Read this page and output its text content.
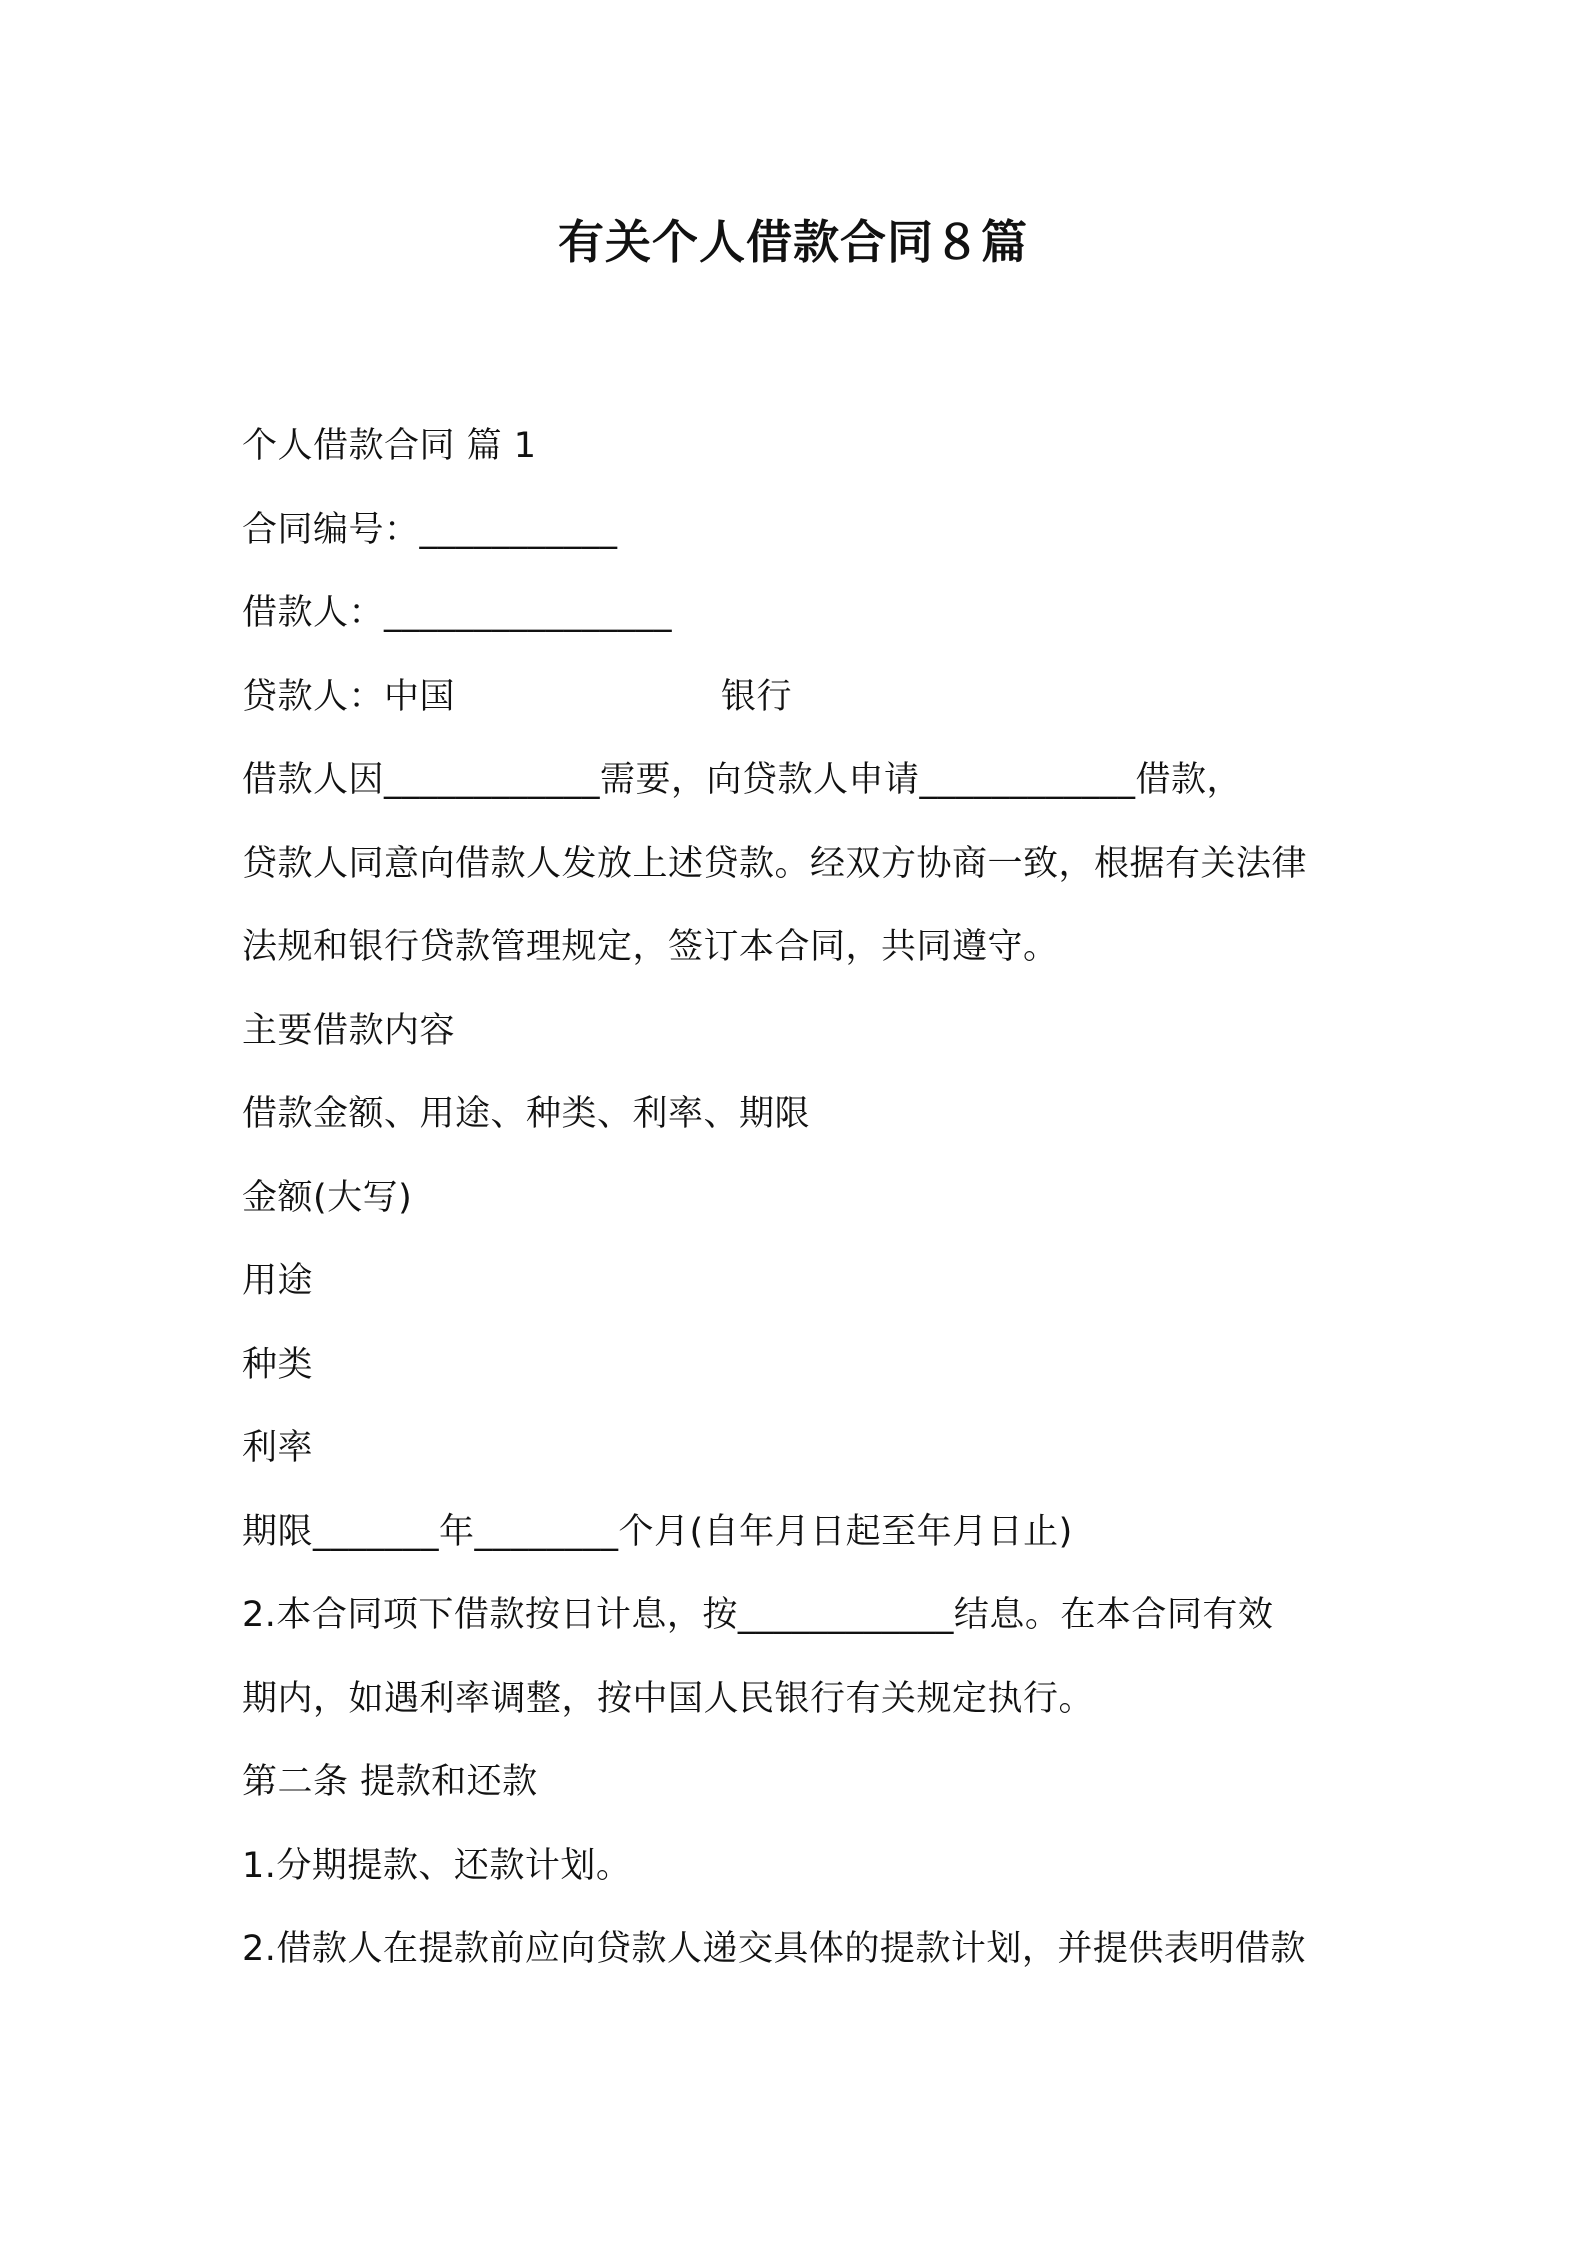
有关个人借款合同８篇
个人借款合同 篇 1
合同编号：___________
借款人：________________
贷款人：中国	银行
借款人因____________需要，向贷款人申请____________借款，
贷款人同意向借款人发放上述贷款。经双方协商一致，根据有关法律
法规和银行贷款管理规定，签订本合同，共同遵守。
主要借款内容
借款金额、用途、种类、利率、期限
金额(大写)
用途
种类
利率
期限_______年________个月(自年月日起至年月日止)
2.本合同项下借款按日计息，按____________结息。在本合同有效
期内，如遇利率调整，按中国人民银行有关规定执行。
第二条 提款和还款
1.分期提款、还款计划。
2.借款人在提款前应向贷款人递交具体的提款计划，并提供表明借款
